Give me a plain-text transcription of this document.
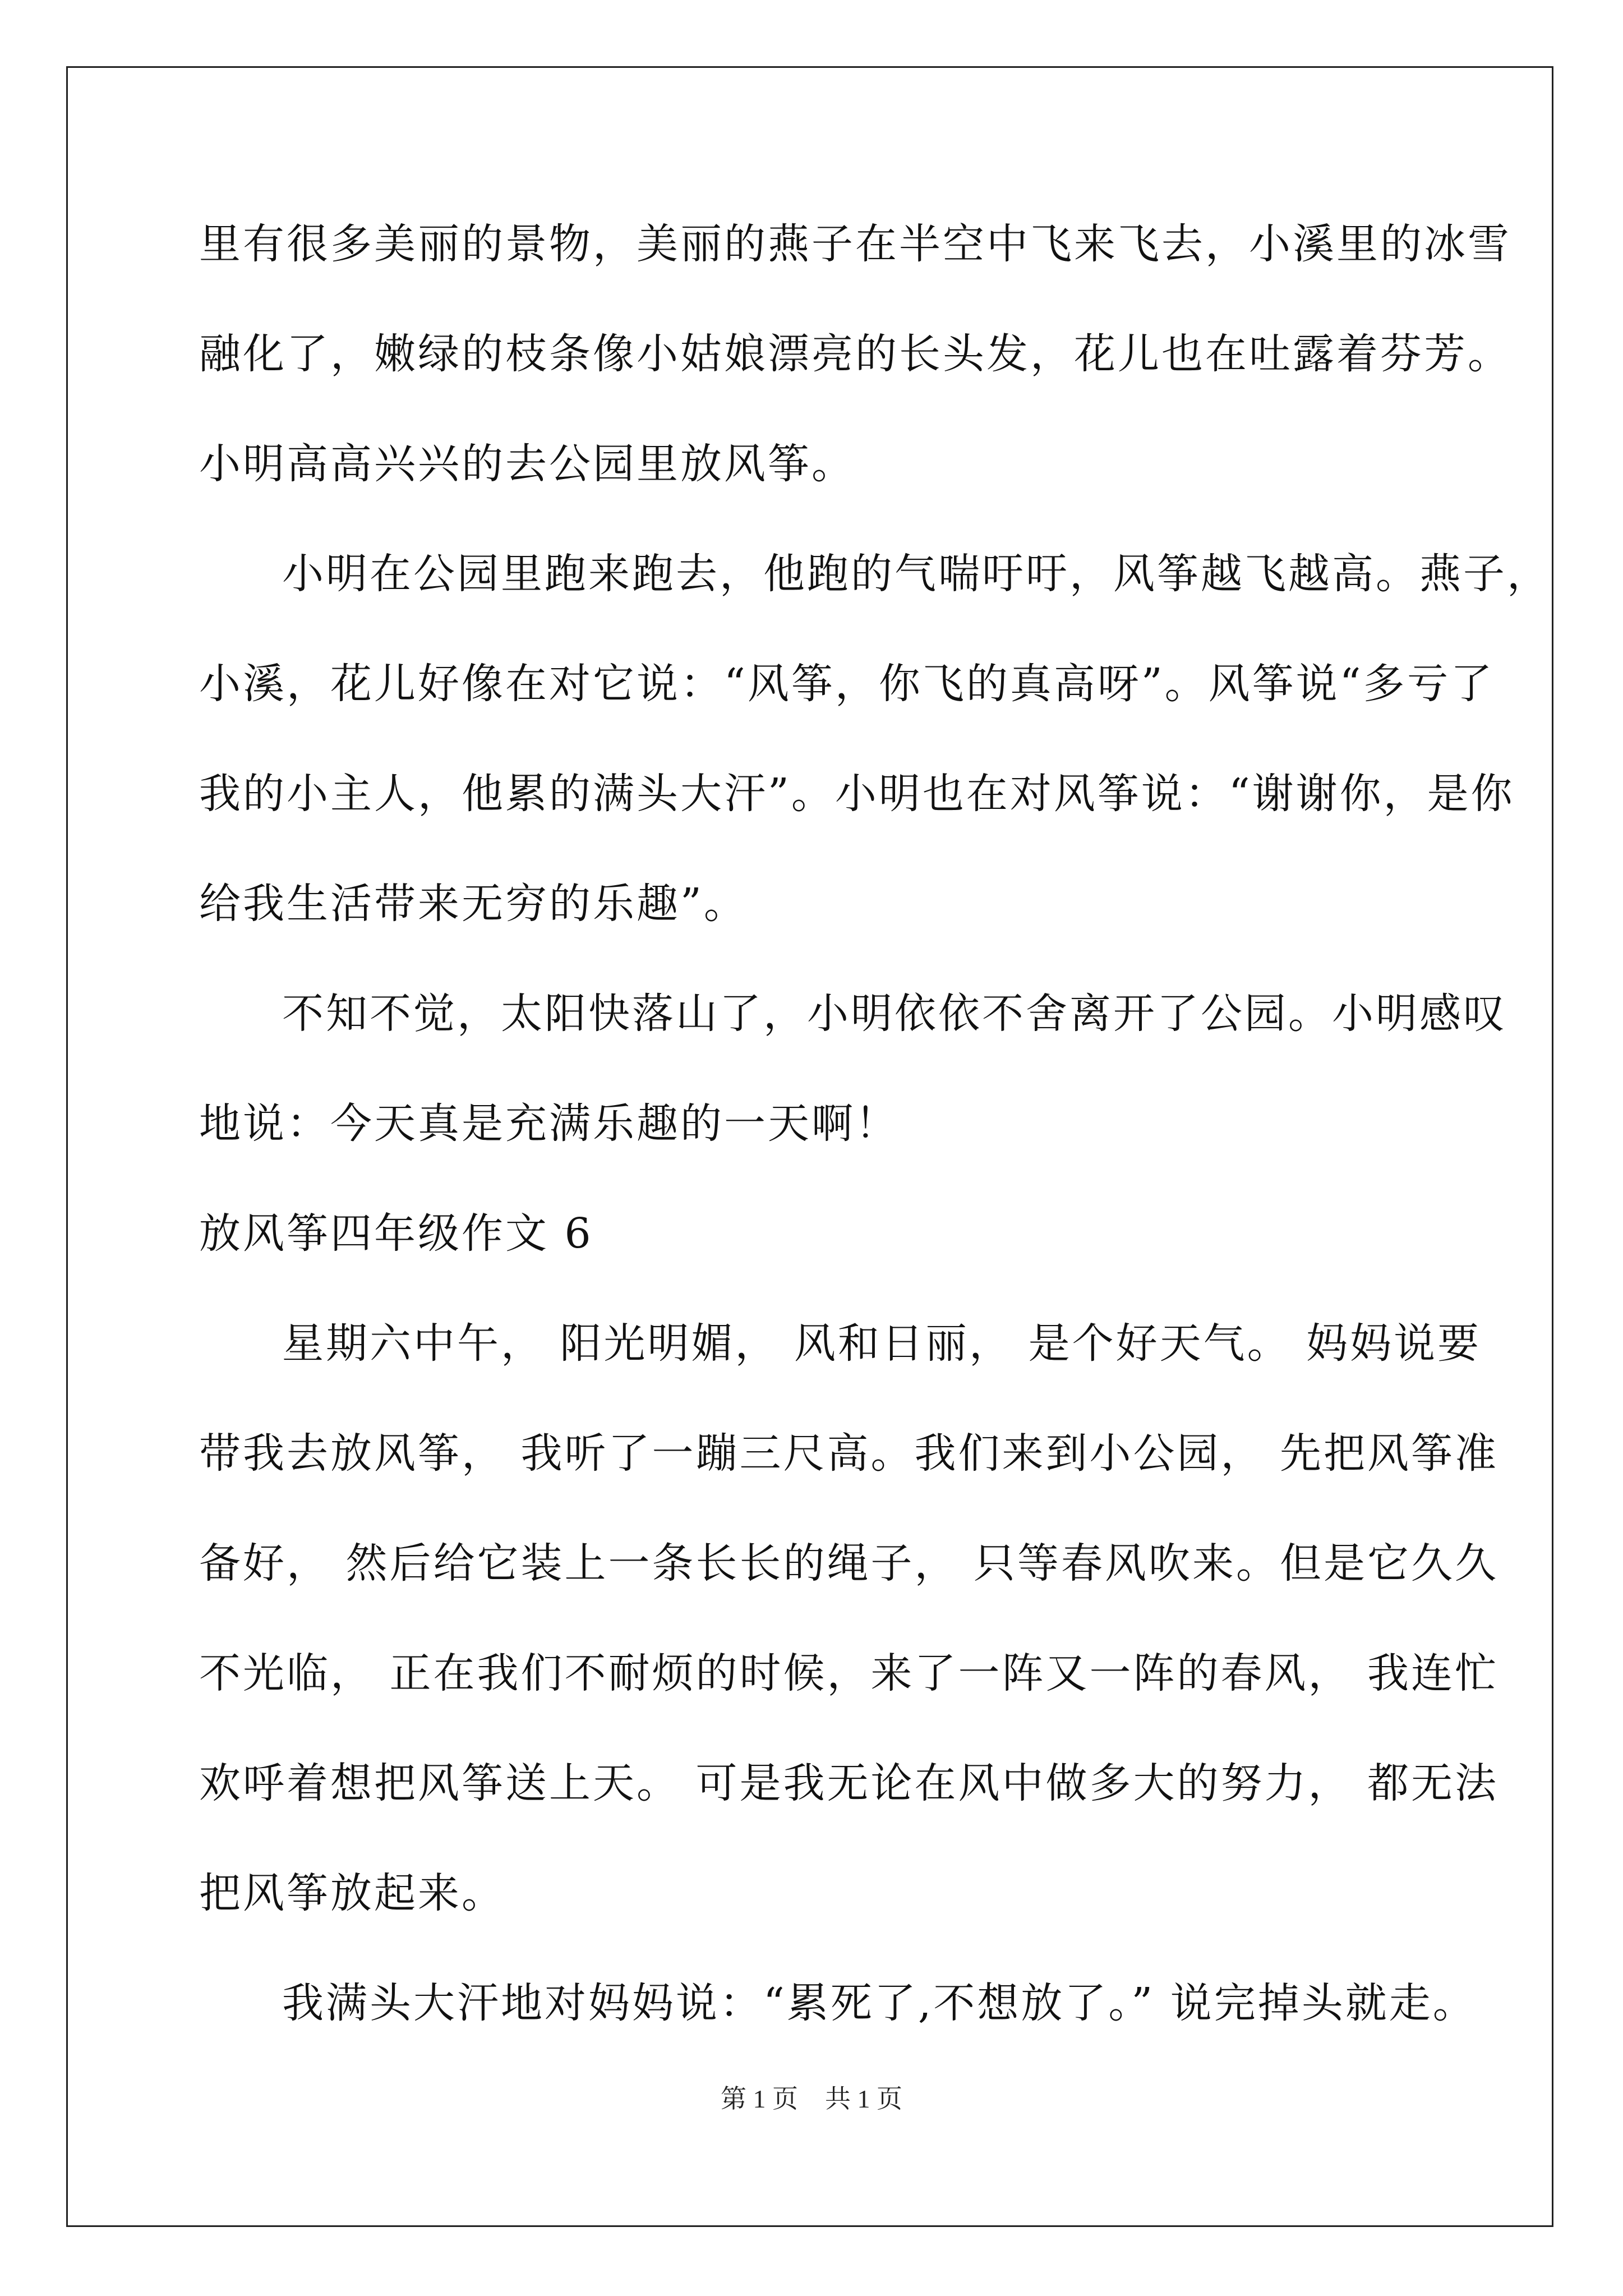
里有很多美丽的景物，美丽的燕子在半空中飞来飞去，小溪里的冰雪
融化了，嫩绿的枝条像小姑娘漂亮的长头发，花儿也在吐露着芬芳。
小明高高兴兴的去公园里放风筝。
小明在公园里跑来跑去，他跑的气喘吁吁，风筝越飞越高。燕子，
小溪，花儿好像在对它说：“风筝，你飞的真高呀”。风筝说“多亏了
我的小主人，他累的满头大汗”。小明也在对风筝说：“谢谢你，是你
给我生活带来无穷的乐趣”。
不知不觉，太阳快落山了，小明依依不舍离开了公园。小明感叹
地说：今天真是充满乐趣的一天啊！
放风筝四年级作文 6
星期六中午， 阳光明媚， 风和日丽， 是个好天气。 妈妈说要
带我去放风筝， 我听了一蹦三尺高。我们来到小公园， 先把风筝准
备好， 然后给它装上一条长长的绳子， 只等春风吹来。但是它久久
不光临， 正在我们不耐烦的时候，来了一阵又一阵的春风， 我连忙
欢呼着想把风筝送上天。 可是我无论在风中做多大的努力， 都无法
把风筝放起来。
我满头大汗地对妈妈说：“累死了,不想放了。” 说完掉头就走。
第 1 页 共 1 页
